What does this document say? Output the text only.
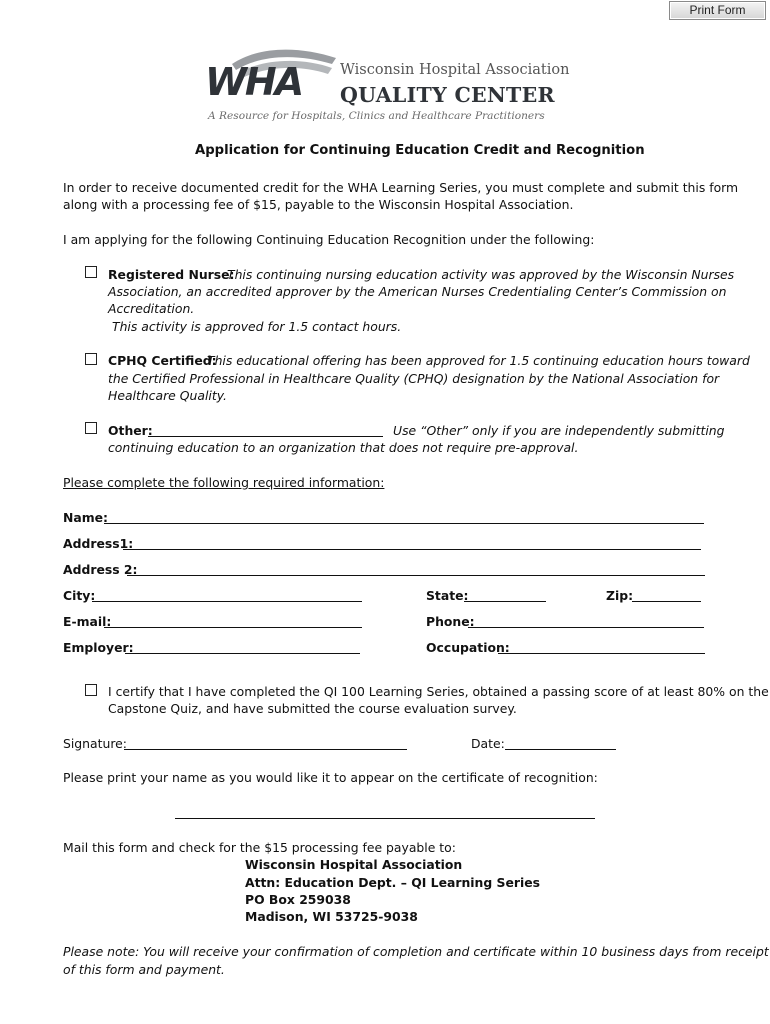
Print Form
WHA	Wisconsin Hospital Association
QUALITY CENTER
A Resource for Hospitals, Clinics and Healthcare Practitioners
Application for Continuing Education Credit and Recognition
In order to receive documented credit for the WHA Learning Series, you must complete and submit this form
along with a processing fee of $15, payable to the Wisconsin Hospital Association.
I am applying for the following Continuing Education Recognition under the following:
Registered Nurse:
This continuing nursing education activity was approved by the Wisconsin Nurses
Association, an accredited approver by the American Nurses Credentialing Center’s Commission on
Accreditation.
This activity is approved for 1.5 contact hours.
CPHQ Certified:
This educational offering has been approved for 1.5 continuing education hours toward
the Certified Professional in Healthcare Quality (CPHQ) designation by the National Association for
Healthcare Quality.
Other:	Use “Other” only if you are independently submitting
continuing education to an organization that does not require pre-approval.
Please complete the following required information:
Name:
Address1:
Address 2:
City:	State:	Zip:
E-mail:	Phone:
Employer:	Occupation:
I certify that I have completed the QI 100 Learning Series, obtained a passing score of at least 80% on the
Capstone Quiz, and have submitted the course evaluation survey.
Signature:	Date:
Please print your name as you would like it to appear on the certificate of recognition:
Mail this form and check for the $15 processing fee payable to:
Wisconsin Hospital Association
Attn: Education Dept. – QI Learning Series
PO Box 259038
Madison, WI 53725-9038
Please note: You will receive your confirmation of completion and certificate within 10 business days from receipt
of this form and payment.
